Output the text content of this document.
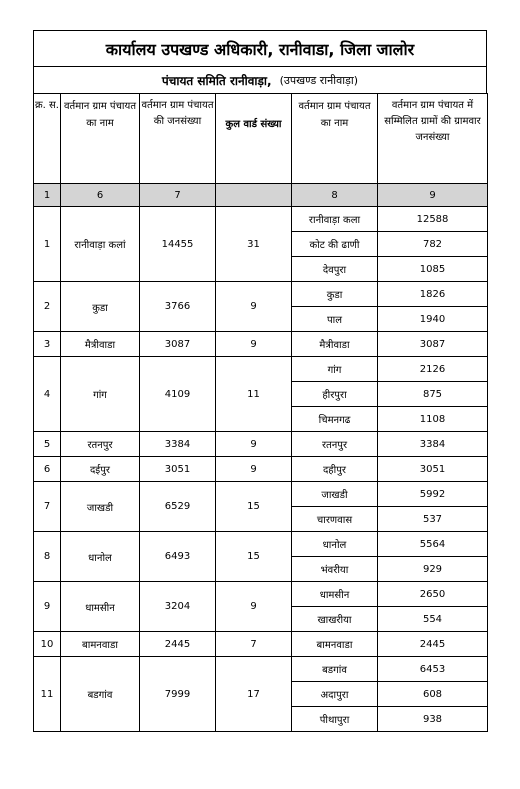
कार्यालय उपखण्ड अधिकारी, रानीवाडा, जिला जालोर
पंचायत समिति रानीवाड़ा, (उपखण्ड रानीवाड़ा)
क्र. स.	वर्तमान ग्राम पंचायत का नाम	वर्तमान ग्राम पंचायत की जनसंख्या	कुल वार्ड संख्या	वर्तमान ग्राम पंचायत का नाम	वर्तमान ग्राम पंचायत में सम्मिलित ग्रामों की ग्रामवार जनसंख्या
1	6	7		8	9
1	रानीवाड़ा कलां	14455	31	रानीवाड़ा कला	12588
				कोट की ढाणी	782
				देवपुरा	1085
2	कुडा	3766	9	कुडा	1826
				पाल	1940
3	मैत्रीवाडा	3087	9	मैत्रीवाडा	3087
4	गांग	4109	11	गांग	2126
				हीरपुरा	875
				चिमनगढ	1108
5	रतनपुर	3384	9	रतनपुर	3384
6	दईपुर	3051	9	दहीपुर	3051
7	जाखडी	6529	15	जाखडी	5992
				चारणवास	537
8	धानोल	6493	15	धानोल	5564
				भंवरीया	929
9	धामसीन	3204	9	धामसीन	2650
				खाखरीया	554
10	बामनवाडा	2445	7	बामनवाडा	2445
11	बडगांव	7999	17	बडगांव	6453
				अदापुरा	608
				पीथापुरा	938
